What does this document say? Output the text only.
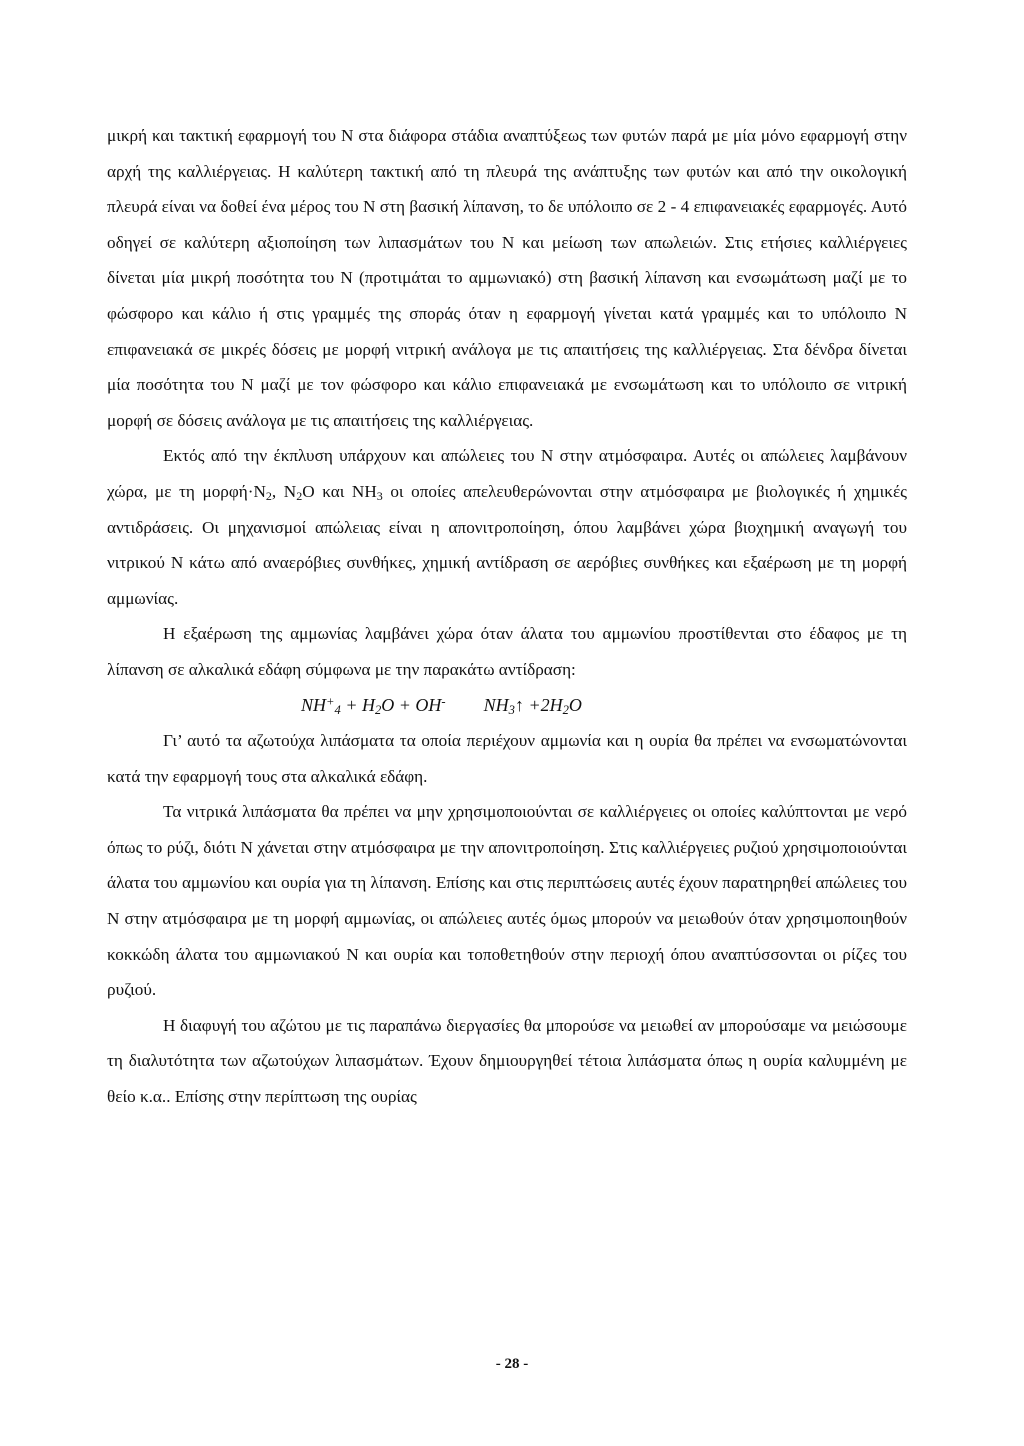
μικρή και τακτική εφαρμογή του Ν στα διάφορα στάδια αναπτύξεως των φυτών παρά με μία μόνο εφαρμογή στην αρχή της καλλιέργειας. Η καλύτερη τακτική από τη πλευρά της ανάπτυξης των φυτών και από την οικολογική πλευρά είναι να δοθεί ένα μέρος του Ν στη βασική λίπανση, το δε υπόλοιπο σε 2 - 4 επιφανειακές εφαρμογές. Αυτό οδηγεί σε καλύτερη αξιοποίηση των λιπασμάτων του Ν και μείωση των απωλειών. Στις ετήσιες καλλιέργειες δίνεται μία μικρή ποσότητα του Ν (προτιμάται το αμμωνιακό) στη βασική λίπανση και ενσωμάτωση μαζί με το φώσφορο και κάλιο ή στις γραμμές της σποράς όταν η εφαρμογή γίνεται κατά γραμμές και το υπόλοιπο Ν επιφανειακά σε μικρές δόσεις με μορφή νιτρική ανάλογα με τις απαιτήσεις της καλλιέργειας. Στα δένδρα δίνεται μία ποσότητα του Ν μαζί με τον φώσφορο και κάλιο επιφανειακά με ενσωμάτωση και το υπόλοιπο σε νιτρική μορφή σε δόσεις ανάλογα με τις απαιτήσεις της καλλιέργειας.

Εκτός από την έκπλυση υπάρχουν και απώλειες του Ν στην ατμόσφαιρα. Αυτές οι απώλειες λαμβάνουν χώρα, με τη $\mu o\rho\varphi ή\cdot N_2$, $N_2O$ και $NH_3$ οι οποίες απελευθερώνονται στην ατμόσφαιρα με βιολογικές ή χημικές αντιδράσεις. Οι μηχανισμοί απώλειας είναι η απονιτροποίηση, όπου λαμβάνει χώρα βιοχημική αναγωγή του νιτρικού Ν κάτω από αναερόβιες συνθήκες, χημική αντίδραση σε αερόβιες συνθήκες και εξαέρωση με τη μορφή αμμωνίας.

Η εξαέρωση της αμμωνίας λαμβάνει χώρα όταν άλατα του αμμωνίου προστίθενται στο έδαφος με τη λίπανση σε αλκαλικά εδάφη σύμφωνα με την παρακάτω αντίδραση:

$NH^+_4 + H_2O + OH^-$ $NH_3↑ +2H_2O$

Γι’ αυτό τα αζωτούχα λιπάσματα τα οποία περιέχουν αμμωνία και η ουρία θα πρέπει να ενσωματώνονται κατά την εφαρμογή τους στα αλκαλικά εδάφη.

Τα νιτρικά λιπάσματα θα πρέπει να μην χρησιμοποιούνται σε καλλιέργειες οι οποίες καλύπτονται με νερό όπως το ρύζι, διότι Ν χάνεται στην ατμόσφαιρα με την απονιτροποίηση. Στις καλλιέργειες ρυζιού χρησιμοποιούνται άλατα του αμμωνίου και ουρία για τη λίπανση. Επίσης και στις περιπτώσεις αυτές έχουν παρατηρηθεί απώλειες του Ν στην ατμόσφαιρα με τη μορφή αμμωνίας, οι απώλειες αυτές όμως μπορούν να μειωθούν όταν χρησιμοποιηθούν κοκκώδη άλατα του αμμωνιακού Ν και ουρία και τοποθετηθούν στην περιοχή όπου αναπτύσσονται οι ρίζες του ρυζιού.

Η διαφυγή του αζώτου με τις παραπάνω διεργασίες θα μπορούσε να μειωθεί αν μπορούσαμε να μειώσουμε τη διαλυτότητα των αζωτούχων λιπασμάτων. Έχουν δημιουργηθεί τέτοια λιπάσματα όπως η ουρία καλυμμένη με θείο κ.α.. Επίσης στην περίπτωση της ουρίας

- 28 -
